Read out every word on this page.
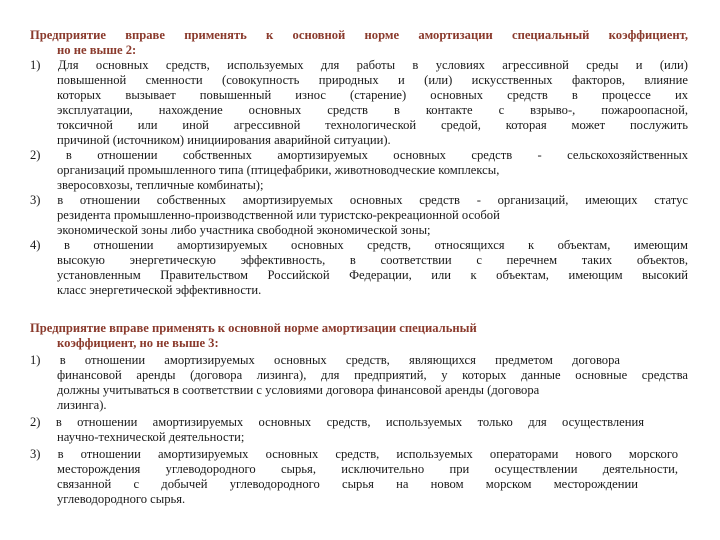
Предприятие вправе применять к основной норме амортизации специальный коэффициент,
но не выше 2:
1) Для основных средств, используемых для работы в условиях агрессивной среды и (или)
повышенной сменности (совокупность природных и (или) искусственных факторов, влияние
которых вызывает повышенный износ (старение) основных средств в процессе их
эксплуатации, нахождение основных средств в контакте с взрыво-, пожароопасной,
токсичной или иной агрессивной технологической средой, которая может послужить
причиной (источником) инициирования аварийной ситуации).
2) в отношении собственных амортизируемых основных средств - сельскохозяйственных
организаций промышленного типа (птицефабрики, животноводческие комплексы,
зверосовхозы, тепличные комбинаты);
3) в отношении собственных амортизируемых основных средств - организаций, имеющих статус
резидента промышленно-производственной или туристско-рекреационной особой
экономической зоны либо участника свободной экономической зоны;
4) в отношении амортизируемых основных средств, относящихся к объектам, имеющим
высокую энергетическую эффективность, в соответствии с перечнем таких объектов,
установленным Правительством Российской Федерации, или к объектам, имеющим высокий
класс энергетической эффективности.
Предприятие вправе применять к основной норме амортизации специальный
коэффициент, но не выше 3:
1) в отношении амортизируемых основных средств, являющихся предметом договора
финансовой аренды (договора лизинга), для предприятий, у которых данные основные средства
должны учитываться в соответствии с условиями договора финансовой аренды (договора
лизинга).
2) в отношении амортизируемых основных средств, используемых только для осуществления
научно-технической деятельности;
3) в отношении амортизируемых основных средств, используемых операторами нового морского
месторождения углеводородного сырья, исключительно при осуществлении деятельности,
связанной с добычей углеводородного сырья на новом морском месторождении
углеводородного сырья.
